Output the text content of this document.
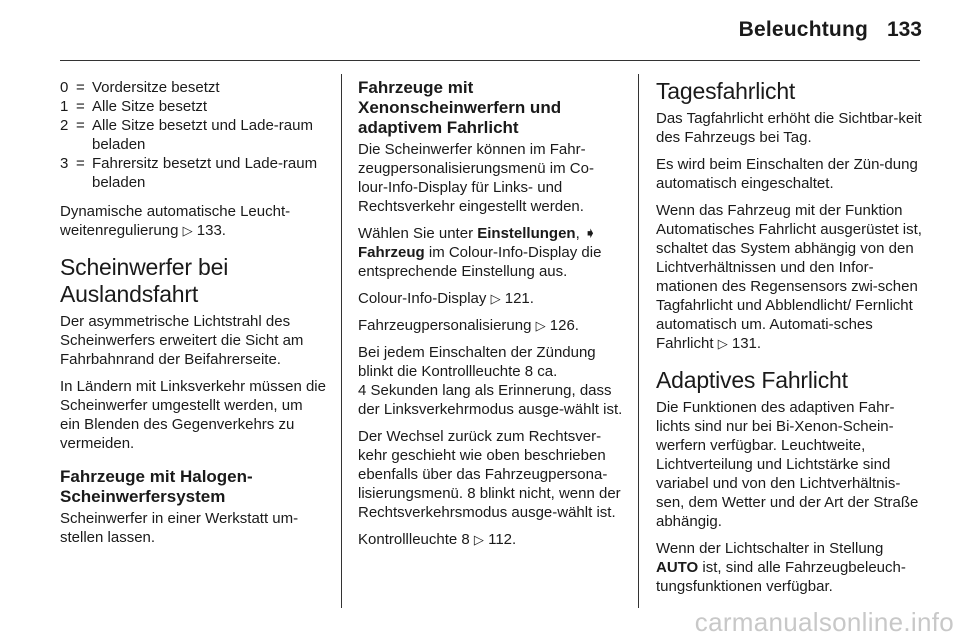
Beleuchtung 133
0 = Vordersitze besetzt
1 = Alle Sitze besetzt
2 = Alle Sitze besetzt und Lade-raum beladen
3 = Fahrersitz besetzt und Lade-raum beladen

Dynamische automatische Leucht-weitenregulierung ▷ 133.

Scheinwerfer bei Auslandsfahrt

Der asymmetrische Lichtstrahl des Scheinwerfers erweitert die Sicht am Fahrbahnrand der Beifahrerseite.

In Ländern mit Linksverkehr müssen die Scheinwerfer umgestellt werden, um ein Blenden des Gegenverkehrs zu vermeiden.

Fahrzeuge mit Halogen-Scheinwerfersystem

Scheinwerfer in einer Werkstatt um-stellen lassen.

Fahrzeuge mit Xenonscheinwerfern und adaptivem Fahrlicht

Die Scheinwerfer können im Fahr-zeugpersonalisierungsmenü im Co-lour-Info-Display für Links- und Rechtsverkehr eingestellt werden.

Wählen Sie unter Einstellungen, ➧ Fahrzeug im Colour-Info-Display die entsprechende Einstellung aus.

Colour-Info-Display ▷ 121.

Fahrzeugpersonalisierung ▷ 126.

Bei jedem Einschalten der Zündung blinkt die Kontrollleuchte 8 ca.
4 Sekunden lang als Erinnerung, dass der Linksverkehrmodus ausge-wählt ist.

Der Wechsel zurück zum Rechtsver-kehr geschieht wie oben beschrieben ebenfalls über das Fahrzeugpersona-lisierungsmenü. 8 blinkt nicht, wenn der Rechtsverkehrsmodus ausge-wählt ist.

Kontrollleuchte 8 ▷ 112.

Tagesfahrlicht

Das Tagfahrlicht erhöht die Sichtbar-keit des Fahrzeugs bei Tag.

Es wird beim Einschalten der Zün-dung automatisch eingeschaltet.

Wenn das Fahrzeug mit der Funktion Automatisches Fahrlicht ausgerüstet ist, schaltet das System abhängig von den Lichtverhältnissen und den Infor-mationen des Regensensors zwi-schen Tagfahrlicht und Abblendlicht/ Fernlicht automatisch um. Automati-sches Fahrlicht ▷ 131.

Adaptives Fahrlicht

Die Funktionen des adaptiven Fahr-lichts sind nur bei Bi-Xenon-Schein-werfern verfügbar. Leuchtweite, Lichtverteilung und Lichtstärke sind variabel und von den Lichtverhältnis-sen, dem Wetter und der Art der Straße abhängig.

Wenn der Lichtschalter in Stellung AUTO ist, sind alle Fahrzeugbeleuch-tungsfunktionen verfügbar.

carmanualsonline.info
